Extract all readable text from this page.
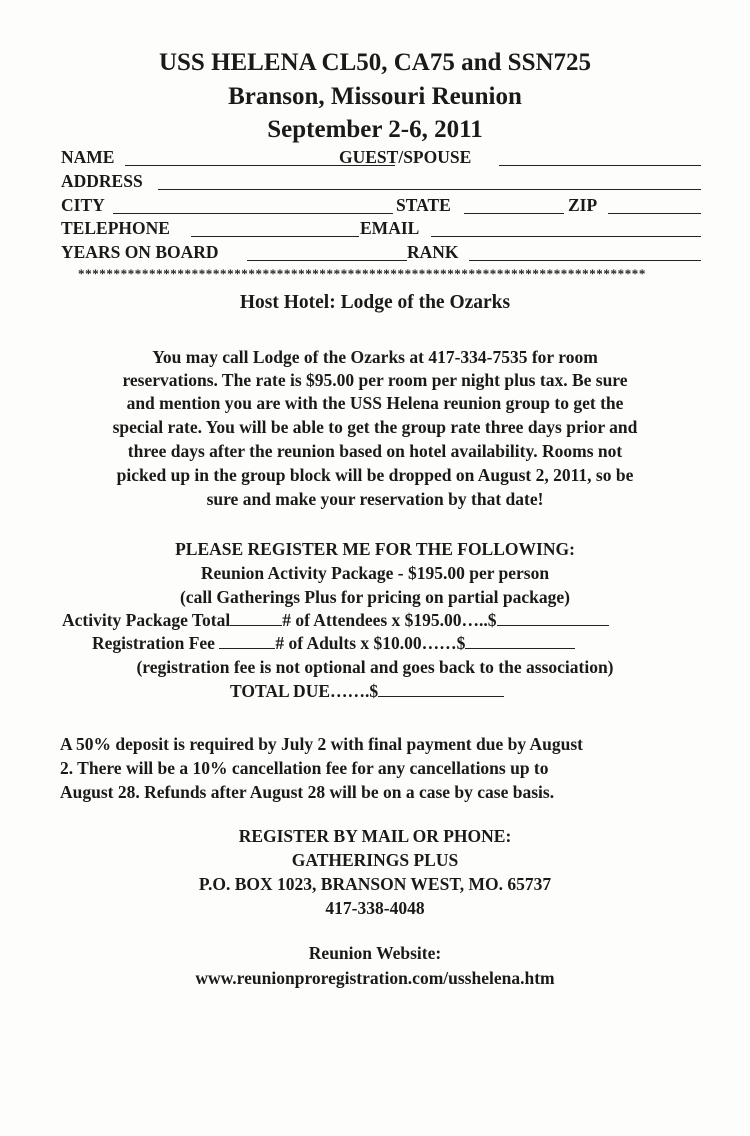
USS HELENA CL50, CA75 and SSN725
Branson, Missouri Reunion
September 2-6, 2011
NAME	GUEST/SPOUSE
ADDRESS
CITY	STATE	ZIP
TELEPHONE	EMAIL
YEARS ON BOARD	RANK
********************************************************************************
Host Hotel: Lodge of the Ozarks
You may call Lodge of the Ozarks at 417-334-7535 for room
reservations. The rate is $95.00 per room per night plus tax. Be sure
and mention you are with the USS Helena reunion group to get the
special rate. You will be able to get the group rate three days prior and
three days after the reunion based on hotel availability. Rooms not
picked up in the group block will be dropped on August 2, 2011, so be
sure and make your reservation by that date!
PLEASE REGISTER ME FOR THE FOLLOWING:
Reunion Activity Package - $195.00 per person
(call Gatherings Plus for pricing on partial package)
Activity Package Total	# of Attendees x $195.00…..$
Registration Fee	# of Adults x $10.00……$
(registration fee is not optional and goes back to the association)
TOTAL DUE…….$
A 50% deposit is required by July 2 with final payment due by August
2. There will be a 10% cancellation fee for any cancellations up to
August 28. Refunds after August 28 will be on a case by case basis.
REGISTER BY MAIL OR PHONE:
GATHERINGS PLUS
P.O. BOX 1023, BRANSON WEST, MO. 65737
417-338-4048
Reunion Website:
www.reunionproregistration.com/usshelena.htm
